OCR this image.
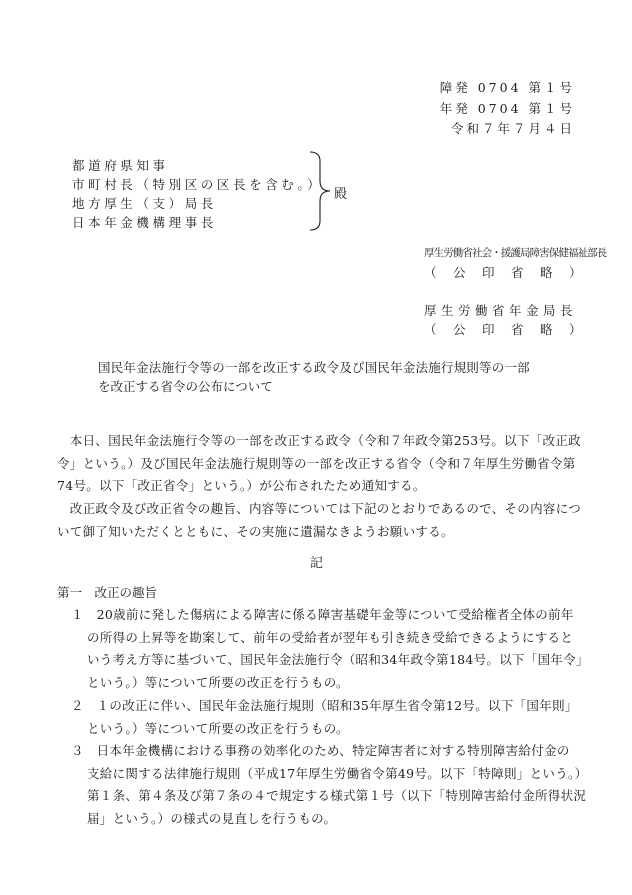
障発 0704 第１号
年発 0704 第１号
令和７年７月４日
都道府県知事
市町村長（特別区の区長を含む。）
地方厚生（支）局長
日本年金機構理事長
殿
厚生労働省社会・援護局障害保健福祉部長
（　公　印　省　略　）
厚生労働省年金局長
（　公　印　省　略　）
国民年金法施行令等の一部を改正する政令及び国民年金法施行規則等の一部
を改正する省令の公布について
　本日、国民年金法施行令等の一部を改正する政令（令和７年政令第253号。以下「改正政
令」という。）及び国民年金法施行規則等の一部を改正する省令（令和７年厚生労働省令第
74号。以下「改正省令」という。）が公布されたため通知する。
　改正政令及び改正省令の趣旨、内容等については下記のとおりであるので、その内容につ
いて御了知いただくとともに、その実施に遺漏なきようお願いする。
記
第一　改正の趣旨
１　20歳前に発した傷病による障害に係る障害基礎年金等について受給権者全体の前年
の所得の上昇等を勘案して、前年の受給者が翌年も引き続き受給できるようにすると
いう考え方等に基づいて、国民年金法施行令（昭和34年政令第184号。以下「国年令」
という。）等について所要の改正を行うもの。
２　１の改正に伴い、国民年金法施行規則（昭和35年厚生省令第12号。以下「国年則」
という。）等について所要の改正を行うもの。
３　日本年金機構における事務の効率化のため、特定障害者に対する特別障害給付金の
支給に関する法律施行規則（平成17年厚生労働省令第49号。以下「特障則」という。）
第１条、第４条及び第７条の４で規定する様式第１号（以下「特別障害給付金所得状況
届」という。）の様式の見直しを行うもの。
